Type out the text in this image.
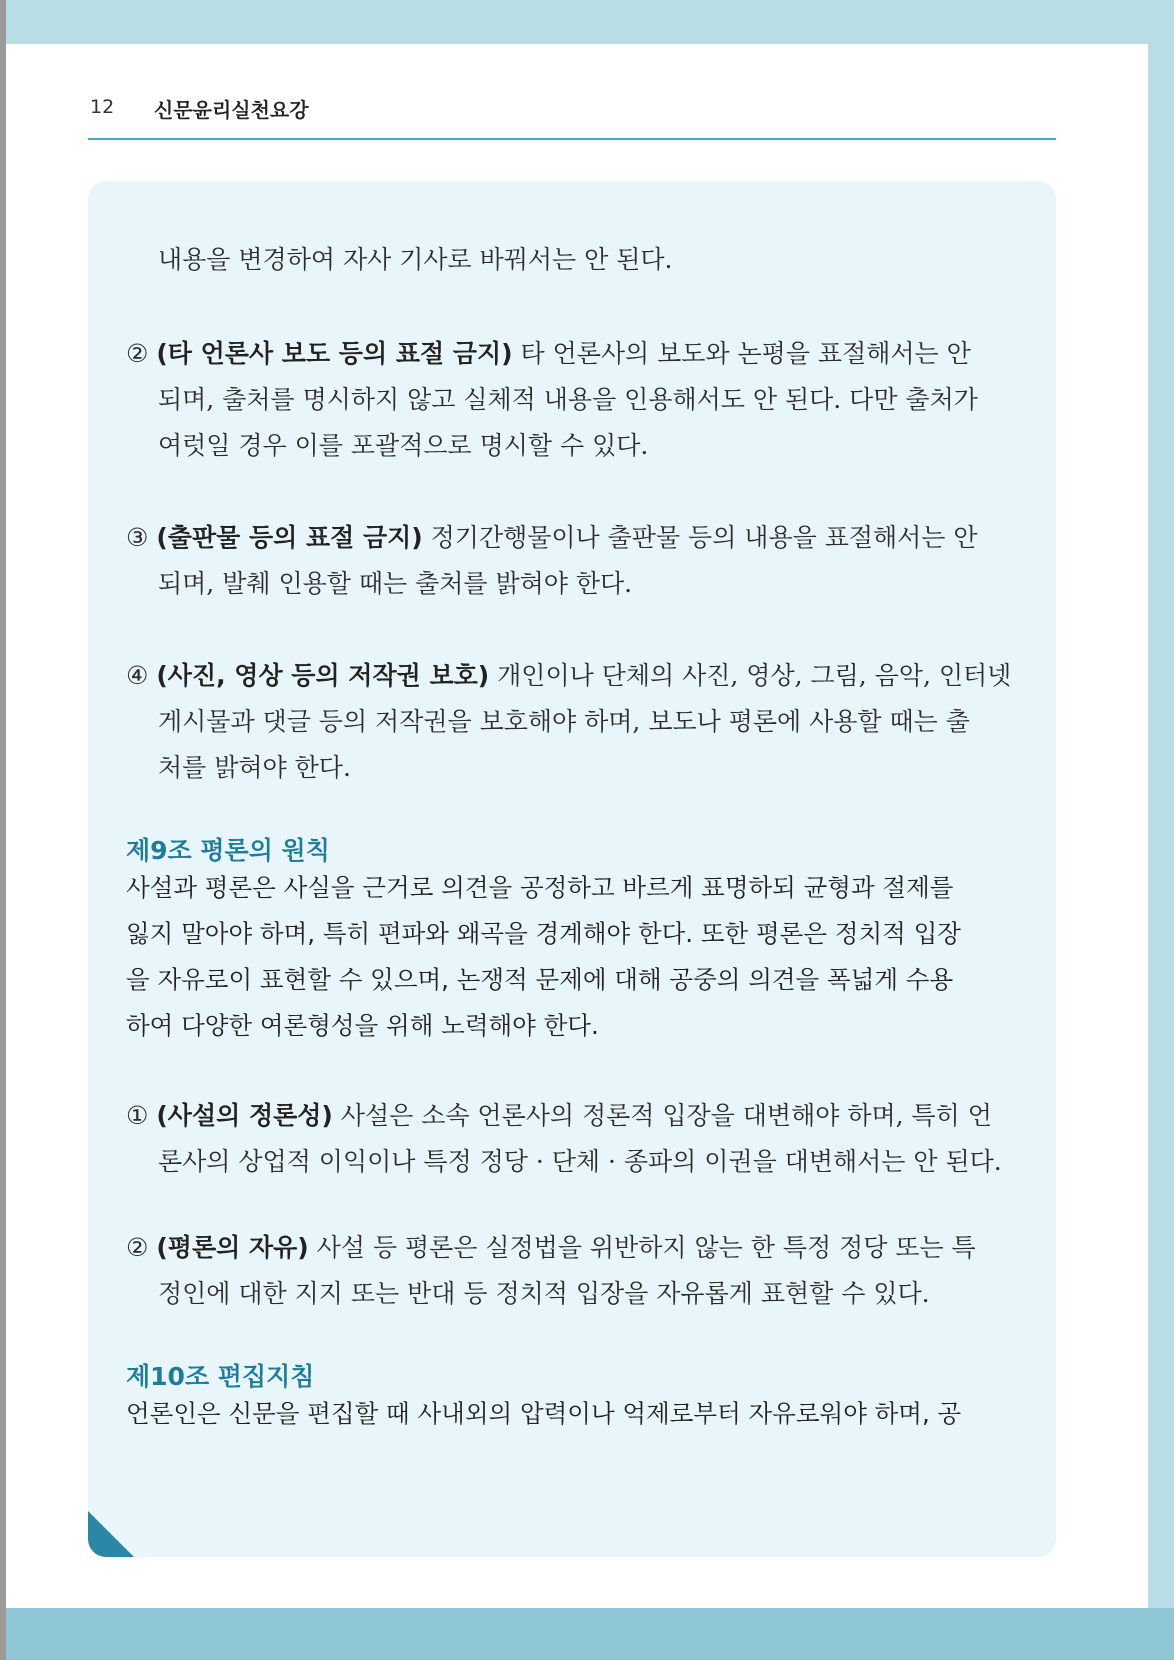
12 신문윤리실천요강
내용을 변경하여 자사 기사로 바꿔서는 안 된다.
② (타 언론사 보도 등의 표절 금지) 타 언론사의 보도와 논평을 표절해서는 안
되며, 출처를 명시하지 않고 실체적 내용을 인용해서도 안 된다. 다만 출처가
여럿일 경우 이를 포괄적으로 명시할 수 있다.
③ (출판물 등의 표절 금지) 정기간행물이나 출판물 등의 내용을 표절해서는 안
되며, 발췌 인용할 때는 출처를 밝혀야 한다.
④ (사진, 영상 등의 저작권 보호) 개인이나 단체의 사진, 영상, 그림, 음악, 인터넷
게시물과 댓글 등의 저작권을 보호해야 하며, 보도나 평론에 사용할 때는 출
처를 밝혀야 한다.
제9조 평론의 원칙
사설과 평론은 사실을 근거로 의견을 공정하고 바르게 표명하되 균형과 절제를
잃지 말아야 하며, 특히 편파와 왜곡을 경계해야 한다. 또한 평론은 정치적 입장
을 자유로이 표현할 수 있으며, 논쟁적 문제에 대해 공중의 의견을 폭넓게 수용
하여 다양한 여론형성을 위해 노력해야 한다.
① (사설의 정론성) 사설은 소속 언론사의 정론적 입장을 대변해야 하며, 특히 언
론사의 상업적 이익이나 특정 정당 · 단체 · 종파의 이권을 대변해서는 안 된다.
② (평론의 자유) 사설 등 평론은 실정법을 위반하지 않는 한 특정 정당 또는 특
정인에 대한 지지 또는 반대 등 정치적 입장을 자유롭게 표현할 수 있다.
제10조 편집지침
언론인은 신문을 편집할 때 사내외의 압력이나 억제로부터 자유로워야 하며, 공
